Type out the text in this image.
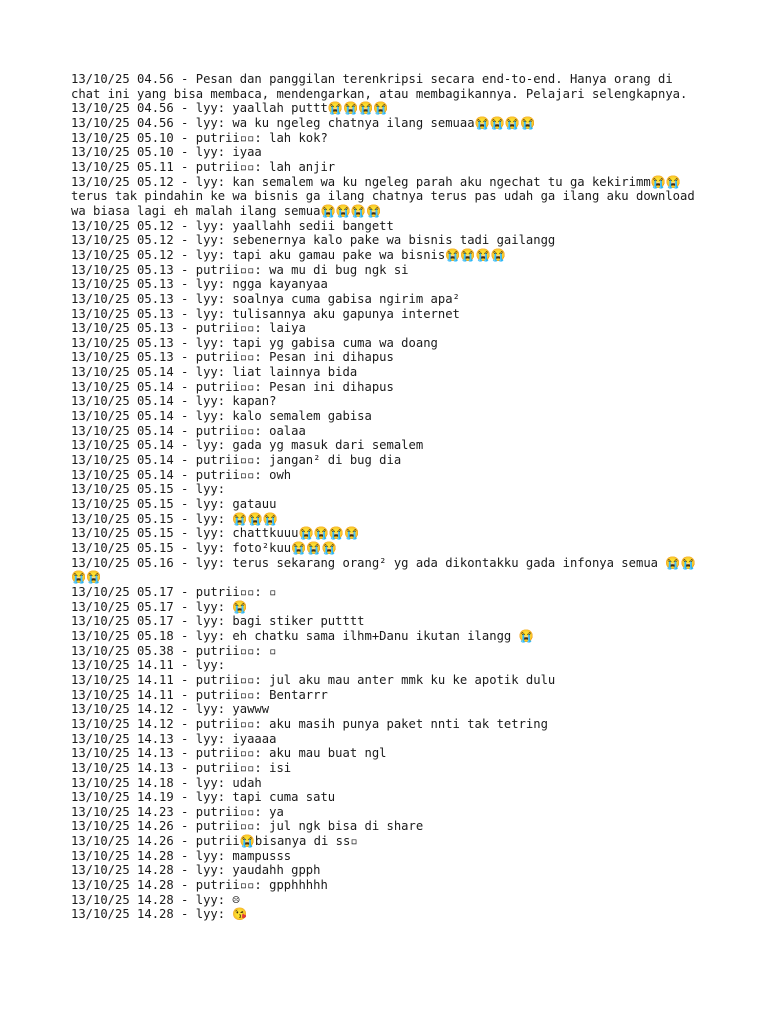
13/10/25 04.56 - Pesan dan panggilan terenkripsi secara end-to-end. Hanya orang di chat ini yang bisa membaca, mendengarkan, atau membagikannya. Pelajari selengkapnya.

13/10/25 04.56 - lyy: yaallah puttt😭😭😭😭

13/10/25 04.56 - lyy: wa ku ngeleg chatnya ilang semuaa😭😭😭😭

13/10/25 05.10 - putrii▫▫: lah kok?

13/10/25 05.10 - lyy: iyaa

13/10/25 05.11 - putrii▫▫: lah anjir

13/10/25 05.12 - lyy: kan semalem wa ku ngeleg parah aku ngechat tu ga kekirimm😭😭 terus tak pindahin ke wa bisnis ga ilang chatnya terus pas udah ga ilang aku download wa biasa lagi eh malah ilang semua😭😭😭😭

13/10/25 05.12 - lyy: yaallahh sedii bangett

13/10/25 05.12 - lyy: sebenernya kalo pake wa bisnis tadi gailangg

13/10/25 05.12 - lyy: tapi aku gamau pake wa bisnis😭😭😭😭

13/10/25 05.13 - putrii▫▫: wa mu di bug ngk si

13/10/25 05.13 - lyy: ngga kayanyaa

13/10/25 05.13 - lyy: soalnya cuma gabisa ngirim apa²

13/10/25 05.13 - lyy: tulisannya aku gapunya internet

13/10/25 05.13 - putrii▫▫: laiya

13/10/25 05.13 - lyy: tapi yg gabisa cuma wa doang

13/10/25 05.13 - putrii▫▫: Pesan ini dihapus

13/10/25 05.14 - lyy: liat lainnya bida

13/10/25 05.14 - putrii▫▫: Pesan ini dihapus

13/10/25 05.14 - lyy: kapan?

13/10/25 05.14 - lyy: kalo semalem gabisa

13/10/25 05.14 - putrii▫▫: oalaa

13/10/25 05.14 - lyy: gada yg masuk dari semalem

13/10/25 05.14 - putrii▫▫: jangan² di bug dia

13/10/25 05.14 - putrii▫▫: owh

13/10/25 05.15 - lyy:

13/10/25 05.15 - lyy: gatauu

13/10/25 05.15 - lyy: 😭😭😭

13/10/25 05.15 - lyy: chattkuuu😭😭😭😭

13/10/25 05.15 - lyy: foto²kuu😭😭😭

13/10/25 05.16 - lyy: terus sekarang orang² yg ada dikontakku gada infonya semua 😭😭😭😭

13/10/25 05.17 - putrii▫▫: ▫

13/10/25 05.17 - lyy: 😭

13/10/25 05.17 - lyy: bagi stiker putttt

13/10/25 05.18 - lyy: eh chatku sama ilhm+Danu ikutan ilangg 😭

13/10/25 05.38 - putrii▫▫: ▫

13/10/25 14.11 - lyy:

13/10/25 14.11 - putrii▫▫: jul aku mau anter mmk ku ke apotik dulu

13/10/25 14.11 - putrii▫▫: Bentarrr

13/10/25 14.12 - lyy: yawww

13/10/25 14.12 - putrii▫▫: aku masih punya paket nnti tak tetring

13/10/25 14.13 - lyy: iyaaaa

13/10/25 14.13 - putrii▫▫: aku mau buat ngl

13/10/25 14.13 - putrii▫▫: isi

13/10/25 14.18 - lyy: udah

13/10/25 14.19 - lyy: tapi cuma satu

13/10/25 14.23 - putrii▫▫: ya

13/10/25 14.26 - putrii▫▫: jul ngk bisa di share

13/10/25 14.26 - putrii😭bisanya di ss▫

13/10/25 14.28 - lyy: mampusss

13/10/25 14.28 - lyy: yaudahh gpph

13/10/25 14.28 - putrii▫▫: gpphhhhh

13/10/25 14.28 - lyy: ☹

13/10/25 14.28 - lyy: 😘
